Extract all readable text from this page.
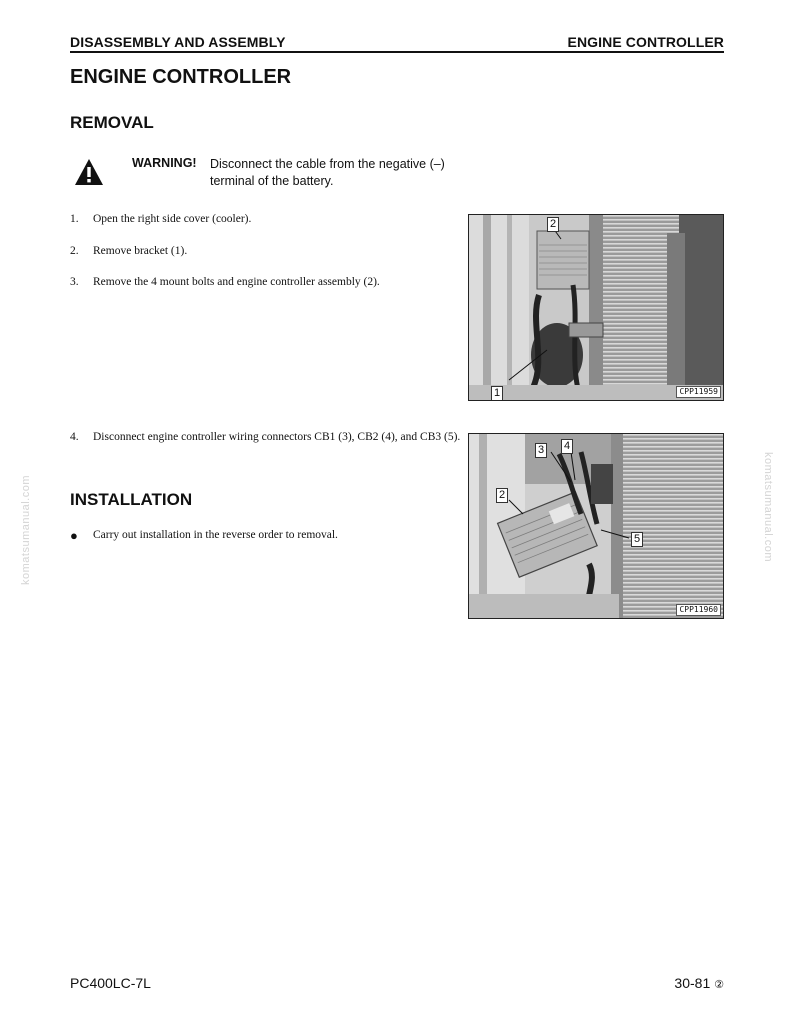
DISASSEMBLY AND ASSEMBLY	ENGINE CONTROLLER
ENGINE CONTROLLER
REMOVAL
WARNING! Disconnect the cable from the negative (–) terminal of the battery.
1.	Open the right side cover (cooler).
2.	Remove bracket (1).
3.	Remove the 4 mount bolts and engine controller assembly (2).
4.	Disconnect engine controller wiring connectors CB1 (3), CB2 (4), and CB3 (5).
INSTALLATION
●	Carry out installation in the reverse order to removal.
2
1	CPP11959
3 4
2
5
CPP11960
komatsumanual.com	komatsumanual.com
PC400LC-7L	30-81 ②
